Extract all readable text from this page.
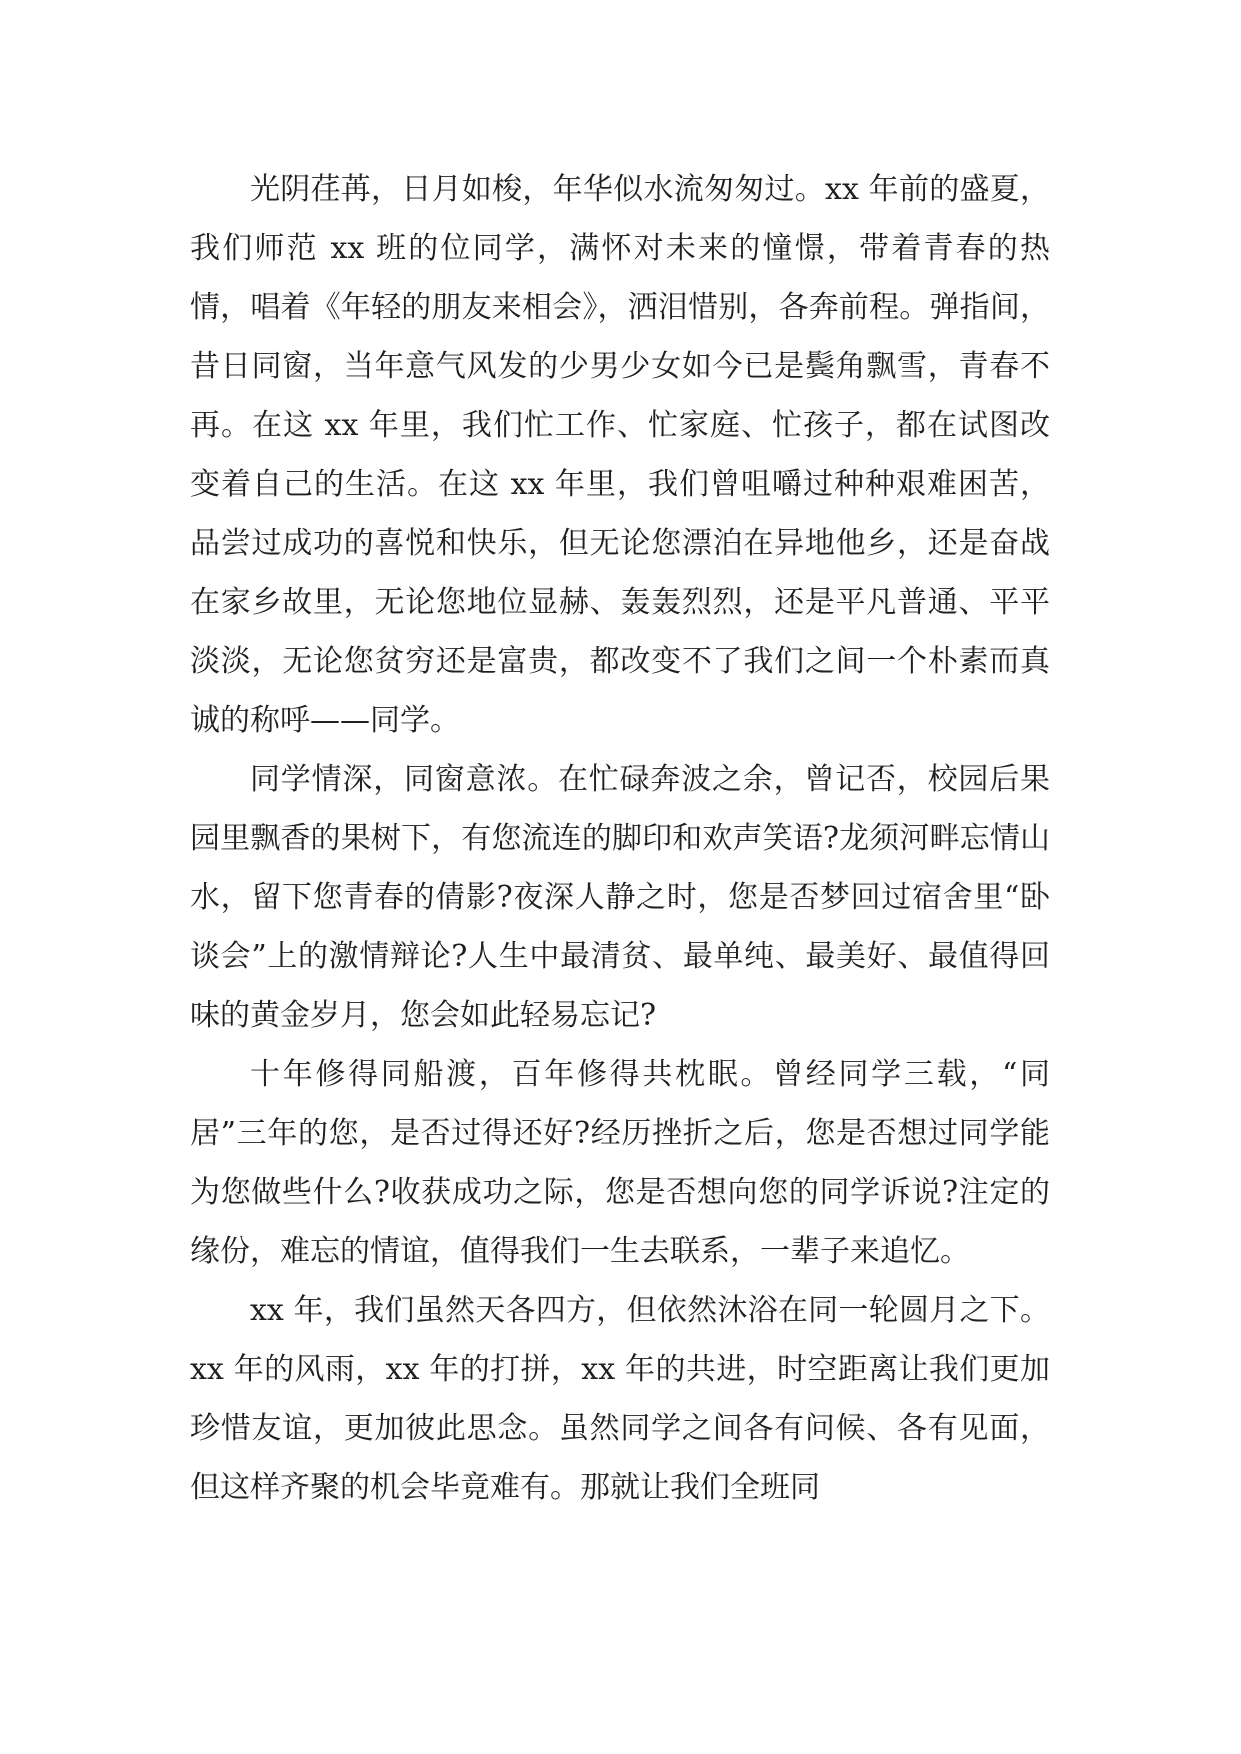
光阴荏苒，日月如梭，年华似水流匆匆过。xx 年前的盛夏，我们师范 xx 班的位同学，满怀对未来的憧憬，带着青春的热情，唱着《年轻的朋友来相会》，洒泪惜别，各奔前程。弹指间，昔日同窗，当年意气风发的少男少女如今已是鬓角飘雪，青春不再。在这 xx 年里，我们忙工作、忙家庭、忙孩子，都在试图改变着自己的生活。在这 xx 年里，我们曾咀嚼过种种艰难困苦，品尝过成功的喜悦和快乐，但无论您漂泊在异地他乡，还是奋战在家乡故里，无论您地位显赫、轰轰烈烈，还是平凡普通、平平淡淡，无论您贫穷还是富贵，都改变不了我们之间一个朴素而真诚的称呼——同学。

同学情深，同窗意浓。在忙碌奔波之余，曾记否，校园后果园里飘香的果树下，有您流连的脚印和欢声笑语?龙须河畔忘情山水，留下您青春的倩影?夜深人静之时，您是否梦回过宿舍里“卧谈会”上的激情辩论?人生中最清贫、最单纯、最美好、最值得回味的黄金岁月，您会如此轻易忘记?

十年修得同船渡，百年修得共枕眠。曾经同学三载，“同居”三年的您，是否过得还好?经历挫折之后，您是否想过同学能为您做些什么?收获成功之际，您是否想向您的同学诉说?注定的缘份，难忘的情谊，值得我们一生去联系，一辈子来追忆。

xx 年，我们虽然天各四方，但依然沐浴在同一轮圆月之下。xx 年的风雨，xx 年的打拼，xx 年的共进，时空距离让我们更加珍惜友谊，更加彼此思念。虽然同学之间各有问候、各有见面，但这样齐聚的机会毕竟难有。那就让我们全班同
